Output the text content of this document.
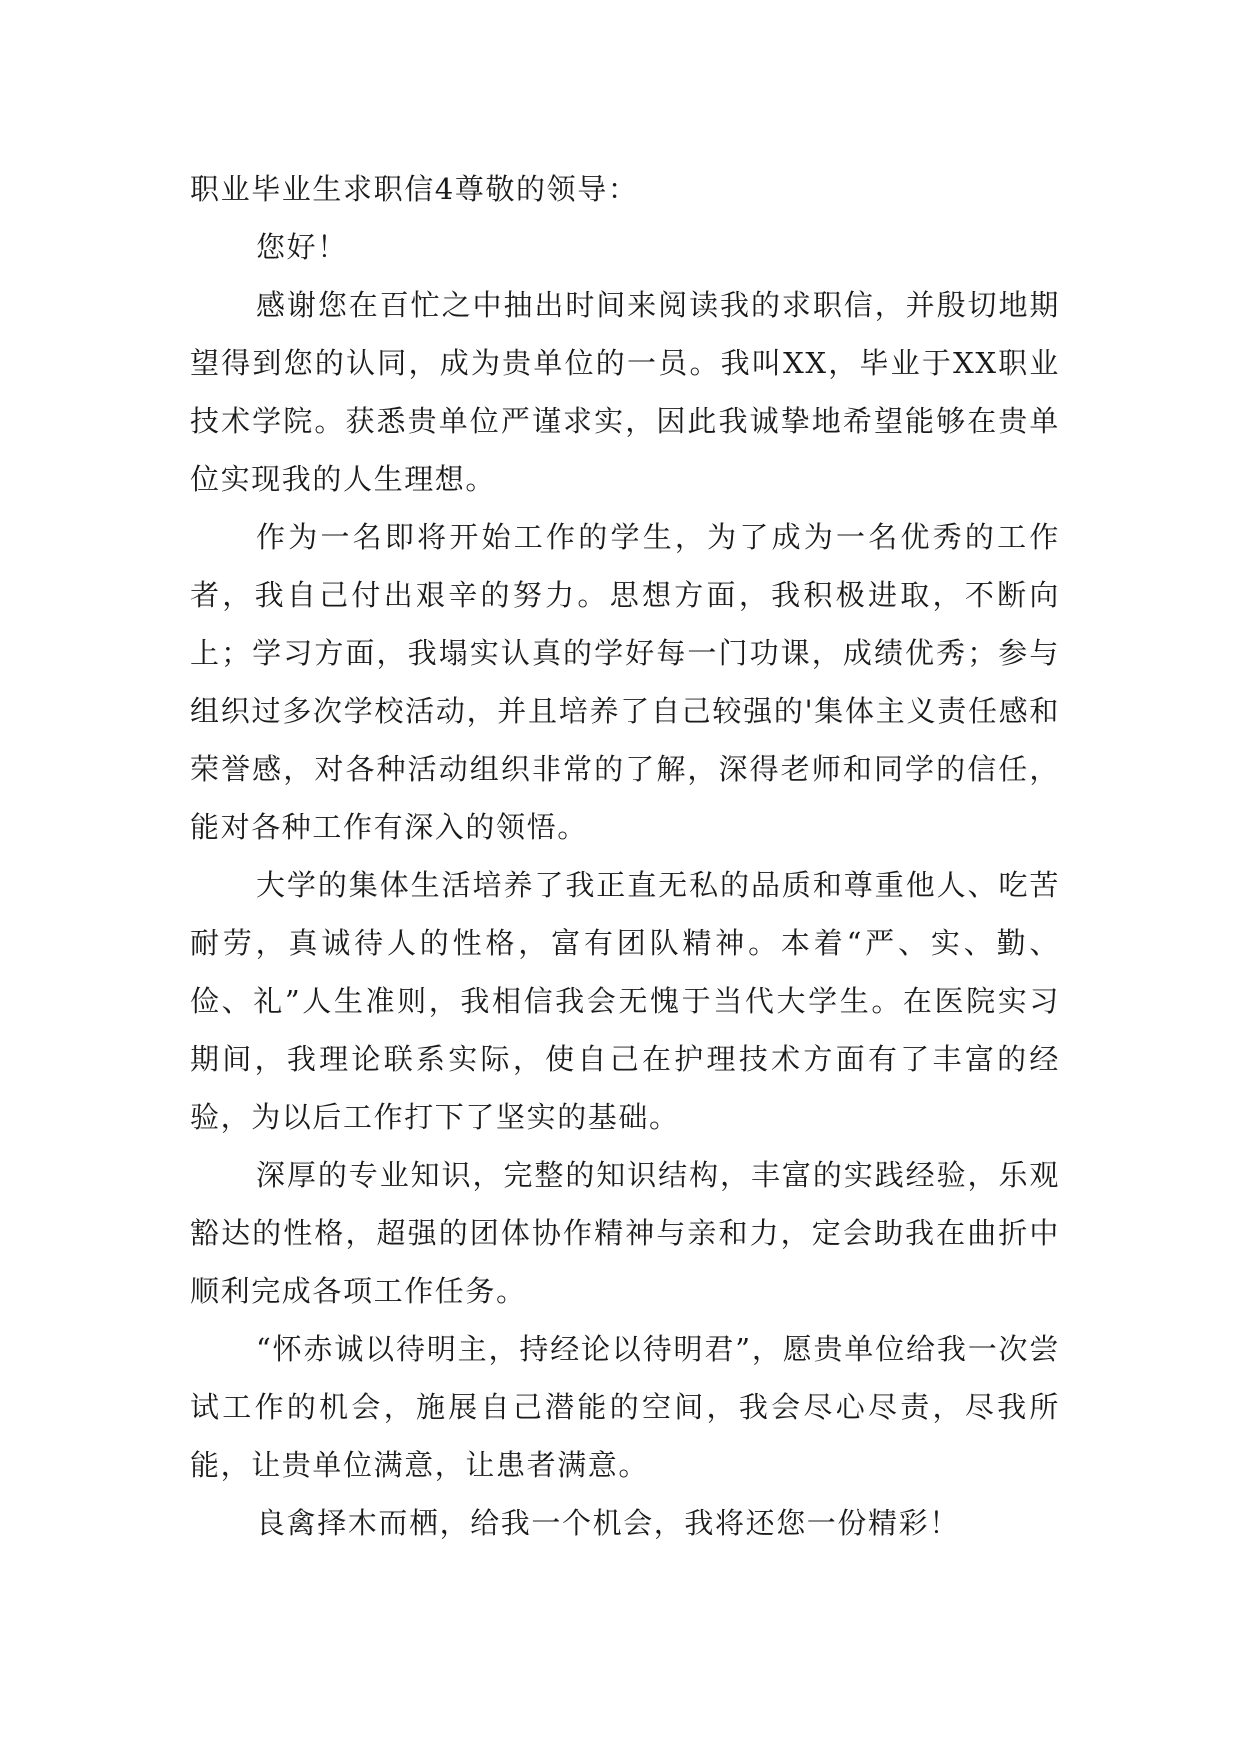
职业毕业生求职信4尊敬的领导：

您好！

感谢您在百忙之中抽出时间来阅读我的求职信，并殷切地期望得到您的认同，成为贵单位的一员。我叫XX，毕业于XX职业技术学院。获悉贵单位严谨求实，因此我诚挚地希望能够在贵单位实现我的人生理想。

作为一名即将开始工作的学生，为了成为一名优秀的工作者，我自己付出艰辛的努力。思想方面，我积极进取，不断向上；学习方面，我塌实认真的学好每一门功课，成绩优秀；参与组织过多次学校活动，并且培养了自己较强的'集体主义责任感和荣誉感，对各种活动组织非常的了解，深得老师和同学的信任，能对各种工作有深入的领悟。

大学的集体生活培养了我正直无私的品质和尊重他人、吃苦耐劳，真诚待人的性格，富有团队精神。本着“严、实、勤、俭、礼”人生准则，我相信我会无愧于当代大学生。在医院实习期间，我理论联系实际，使自己在护理技术方面有了丰富的经验，为以后工作打下了坚实的基础。

深厚的专业知识，完整的知识结构，丰富的实践经验，乐观豁达的性格，超强的团体协作精神与亲和力，定会助我在曲折中顺利完成各项工作任务。

“怀赤诚以待明主，持经论以待明君”，愿贵单位给我一次尝试工作的机会，施展自己潜能的空间，我会尽心尽责，尽我所能，让贵单位满意，让患者满意。

良禽择木而栖，给我一个机会，我将还您一份精彩！
